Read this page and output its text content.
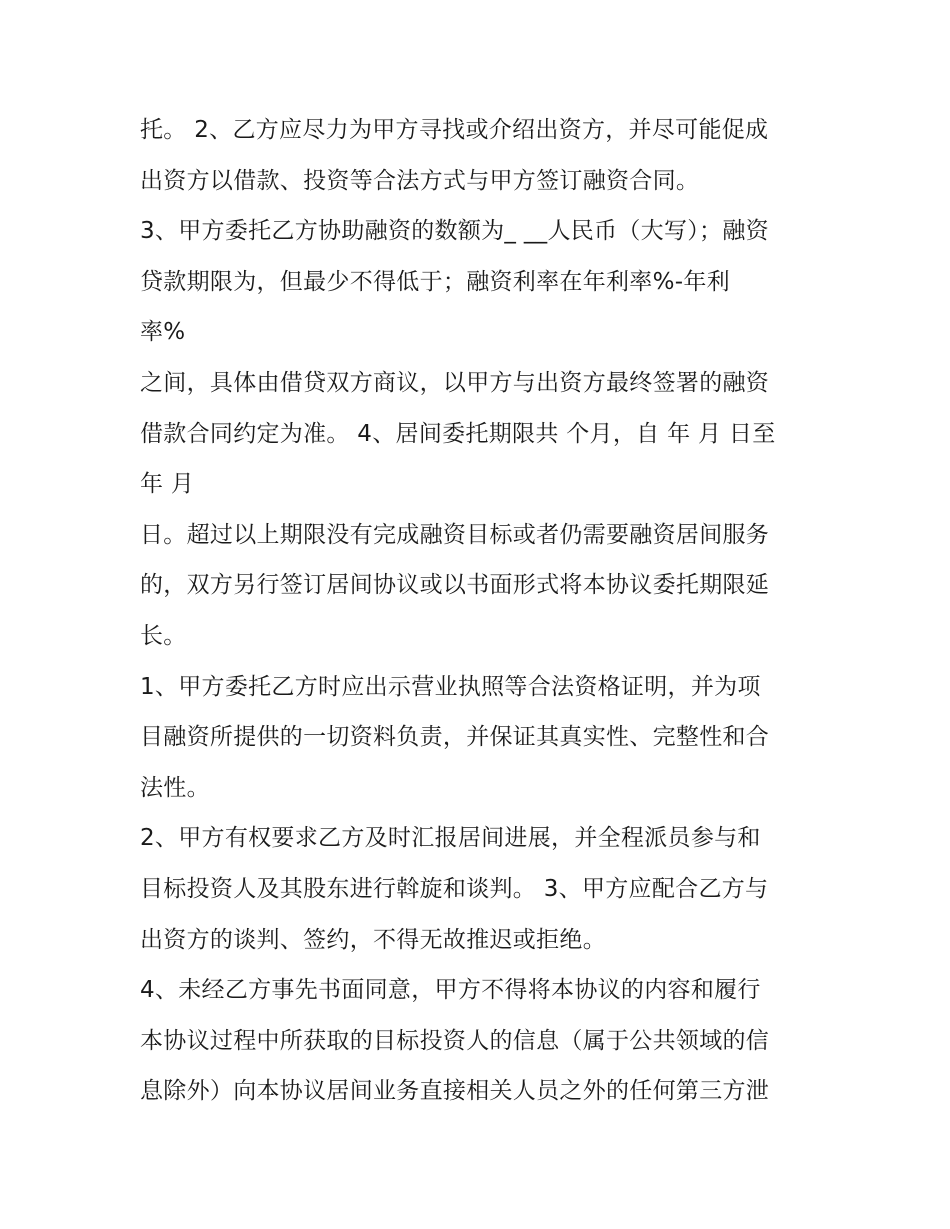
托。 2、乙方应尽力为甲方寻找或介绍出资方，并尽可能促成
出资方以借款、投资等合法方式与甲方签订融资合同。
3、甲方委托乙方协助融资的数额为_ __人民币（大写）；融资
贷款期限为，但最少不得低于；融资利率在年利率%-年利
率%
之间，具体由借贷双方商议，以甲方与出资方最终签署的融资
借款合同约定为准。 4、居间委托期限共 个月，自 年 月 日至
年 月
日。超过以上期限没有完成融资目标或者仍需要融资居间服务
的，双方另行签订居间协议或以书面形式将本协议委托期限延
长。
1、甲方委托乙方时应出示营业执照等合法资格证明，并为项
目融资所提供的一切资料负责，并保证其真实性、完整性和合
法性。
2、甲方有权要求乙方及时汇报居间进展，并全程派员参与和
目标投资人及其股东进行斡旋和谈判。 3、甲方应配合乙方与
出资方的谈判、签约，不得无故推迟或拒绝。
4、未经乙方事先书面同意，甲方不得将本协议的内容和履行
本协议过程中所获取的目标投资人的信息（属于公共领域的信
息除外）向本协议居间业务直接相关人员之外的任何第三方泄
